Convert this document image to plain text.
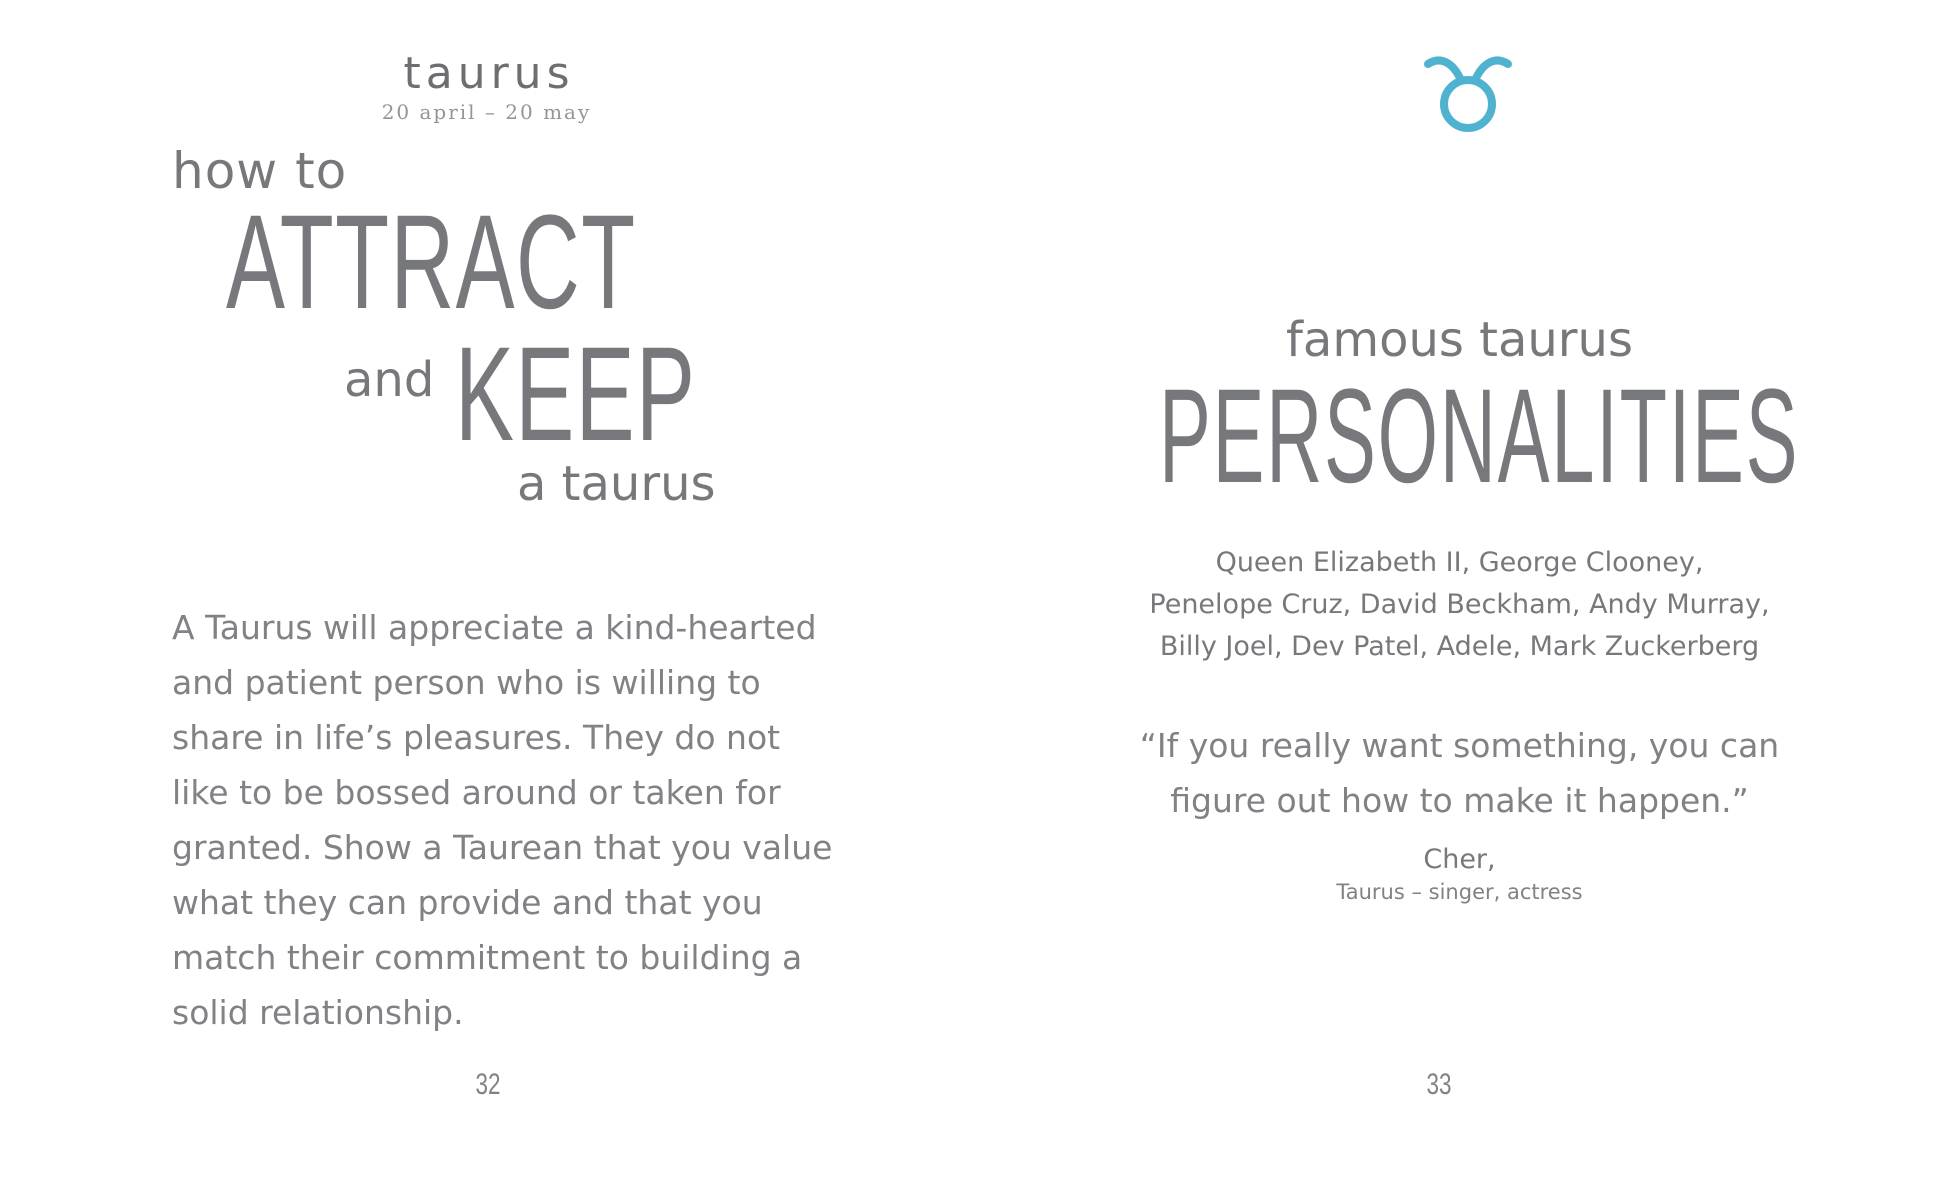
taurus
20 april – 20 may
how to
ATTRACT
and KEEP
a taurus
A Taurus will appreciate a kind-hearted
and patient person who is willing to
share in life’s pleasures. They do not
like to be bossed around or taken for
granted. Show a Taurean that you value
what they can provide and that you
match their commitment to building a
solid relationship.
32
famous taurus
PERSONALITIES
Queen Elizabeth II, George Clooney,
Penelope Cruz, David Beckham, Andy Murray,
Billy Joel, Dev Patel, Adele, Mark Zuckerberg
“If you really want something, you can
figure out how to make it happen.”
Cher,
Taurus – singer, actress
33
